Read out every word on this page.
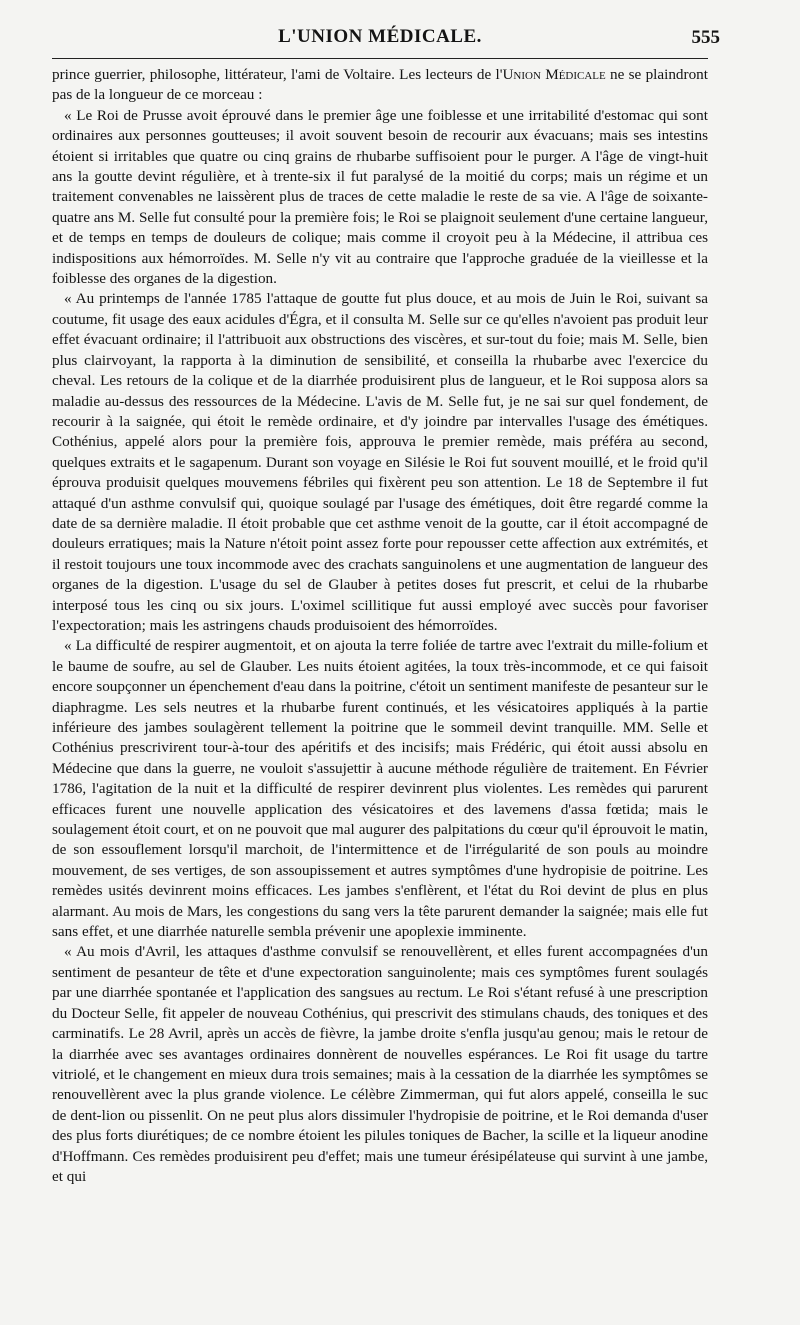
L'UNION MÉDICALE.	555

prince guerrier, philosophe, littérateur, l'ami de Voltaire. Les lecteurs de l'Union Médicale ne se plaindront pas de la longueur de ce morceau :

« Le Roi de Prusse avoit éprouvé dans le premier âge une foiblesse et une irritabilité d'estomac qui sont ordinaires aux personnes goutteuses; il avoit souvent besoin de recourir aux évacuans; mais ses intestins étoient si irritables que quatre ou cinq grains de rhubarbe suffisoient pour le purger. A l'âge de vingt-huit ans la goutte devint régulière, et à trente-six il fut paralysé de la moitié du corps; mais un régime et un traitement convenables ne laissèrent plus de traces de cette maladie le reste de sa vie. A l'âge de soixante-quatre ans M. Selle fut consulté pour la première fois; le Roi se plaignoit seulement d'une certaine langueur, et de temps en temps de douleurs de colique; mais comme il croyoit peu à la Médecine, il attribua ces indispositions aux hémorroïdes. M. Selle n'y vit au contraire que l'approche graduée de la vieillesse et la foiblesse des organes de la digestion.

« Au printemps de l'année 1785 l'attaque de goutte fut plus douce, et au mois de Juin le Roi, suivant sa coutume, fit usage des eaux acidules d'Égra, et il consulta M. Selle sur ce qu'elles n'avoient pas produit leur effet évacuant ordinaire; il l'attribuoit aux obstructions des viscères, et sur-tout du foie; mais M. Selle, bien plus clairvoyant, la rapporta à la diminution de sensibilité, et conseilla la rhubarbe avec l'exercice du cheval. Les retours de la colique et de la diarrhée produisirent plus de langueur, et le Roi supposa alors sa maladie au-dessus des ressources de la Médecine. L'avis de M. Selle fut, je ne sai sur quel fondement, de recourir à la saignée, qui étoit le remède ordinaire, et d'y joindre par intervalles l'usage des émétiques. Cothénius, appelé alors pour la première fois, approuva le premier remède, mais préféra au second, quelques extraits et le sagapenum. Durant son voyage en Silésie le Roi fut souvent mouillé, et le froid qu'il éprouva produisit quelques mouvemens fébriles qui fixèrent peu son attention. Le 18 de Septembre il fut attaqué d'un asthme convulsif qui, quoique soulagé par l'usage des émétiques, doit être regardé comme la date de sa dernière maladie. Il étoit probable que cet asthme venoit de la goutte, car il étoit accompagné de douleurs erratiques; mais la Nature n'étoit point assez forte pour repousser cette affection aux extrémités, et il restoit toujours une toux incommode avec des crachats sanguinolens et une augmentation de langueur des organes de la digestion. L'usage du sel de Glauber à petites doses fut prescrit, et celui de la rhubarbe interposé tous les cinq ou six jours. L'oximel scillitique fut aussi employé avec succès pour favoriser l'expectoration; mais les astringens chauds produisoient des hémorroïdes.

« La difficulté de respirer augmentoit, et on ajouta la terre foliée de tartre avec l'extrait du mille-folium et le baume de soufre, au sel de Glauber. Les nuits étoient agitées, la toux très-incommode, et ce qui faisoit encore soupçonner un épenchement d'eau dans la poitrine, c'étoit un sentiment manifeste de pesanteur sur le diaphragme. Les sels neutres et la rhubarbe furent continués, et les vésicatoires appliqués à la partie inférieure des jambes soulagèrent tellement la poitrine que le sommeil devint tranquille. MM. Selle et Cothénius prescrivirent tour-à-tour des apéritifs et des incisifs; mais Frédéric, qui étoit aussi absolu en Médecine que dans la guerre, ne vouloit s'assujettir à aucune méthode régulière de traitement. En Février 1786, l'agitation de la nuit et la difficulté de respirer devinrent plus violentes. Les remèdes qui parurent efficaces furent une nouvelle application des vésicatoires et des lavemens d'assa fœtida; mais le soulagement étoit court, et on ne pouvoit que mal augurer des palpitations du cœur qu'il éprouvoit le matin, de son essouflement lorsqu'il marchoit, de l'intermittence et de l'irrégularité de son pouls au moindre mouvement, de ses vertiges, de son assoupissement et autres symptômes d'une hydropisie de poitrine. Les remèdes usités devinrent moins efficaces. Les jambes s'enflèrent, et l'état du Roi devint de plus en plus alarmant. Au mois de Mars, les congestions du sang vers la tête parurent demander la saignée; mais elle fut sans effet, et une diarrhée naturelle sembla prévenir une apoplexie imminente.

« Au mois d'Avril, les attaques d'asthme convulsif se renouvellèrent, et elles furent accompagnées d'un sentiment de pesanteur de tête et d'une expectoration sanguinolente; mais ces symptômes furent soulagés par une diarrhée spontanée et l'application des sangsues au rectum. Le Roi s'étant refusé à une prescription du Docteur Selle, fit appeler de nouveau Cothénius, qui prescrivit des stimulans chauds, des toniques et des carminatifs. Le 28 Avril, après un accès de fièvre, la jambe droite s'enfla jusqu'au genou; mais le retour de la diarrhée avec ses avantages ordinaires donnèrent de nouvelles espérances. Le Roi fit usage du tartre vitriolé, et le changement en mieux dura trois semaines; mais à la cessation de la diarrhée les symptômes se renouvellèrent avec la plus grande violence. Le célèbre Zimmerman, qui fut alors appelé, conseilla le suc de dent-lion ou pissenlit. On ne peut plus alors dissimuler l'hydropisie de poitrine, et le Roi demanda d'user des plus forts diurétiques; de ce nombre étoient les pilules toniques de Bacher, la scille et la liqueur anodine d'Hoffmann. Ces remèdes produisirent peu d'effet; mais une tumeur érésipélateuse qui survint à une jambe, et qui
